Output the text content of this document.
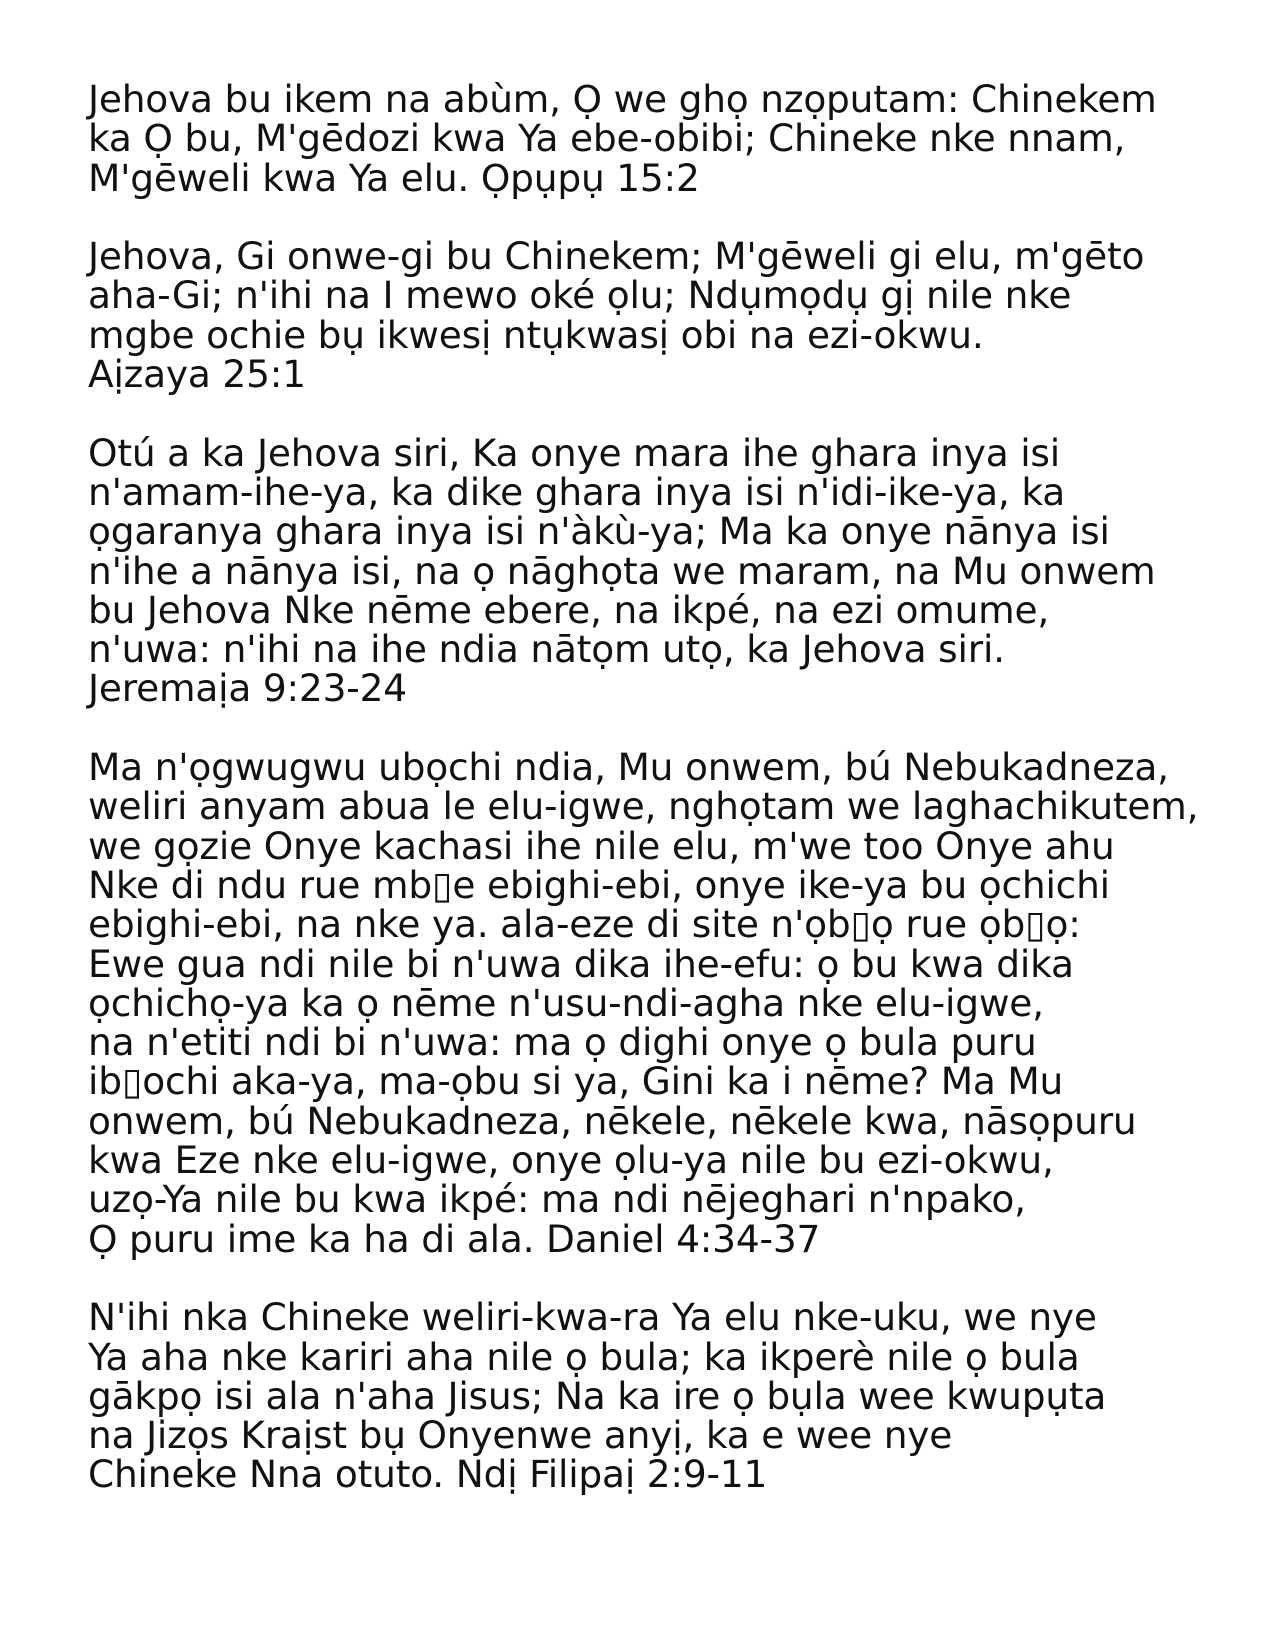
Jehova bu ikem na abùm, Ọ we ghọ nzọputam: Chinekem
ka Ọ bu, M'gēdozi kwa Ya ebe-obibi; Chineke nke nnam,
M'gēweli kwa Ya elu. Ọpụpụ 15:2
Jehova, Gi onwe-gi bu Chinekem; M'gēweli gi elu, m'gēto
aha-Gi; n'ihi na I mewo oké ọlu; Ndụmọdụ gị nile nke
mgbe ochie bụ ikwesị ntụkwasị obi na ezi-okwu.
Aịzaya 25:1
Otú a ka Jehova siri, Ka onye mara ihe ghara inya isi
n'amam-ihe-ya, ka dike ghara inya isi n'idi-ike-ya, ka
ọgaranya ghara inya isi n'àkù-ya; Ma ka onye nānya isi
n'ihe a nānya isi, na ọ nāghọta we maram, na Mu onwem
bu Jehova Nke nēme ebere, na ikpé, na ezi omume,
n'uwa: n'ihi na ihe ndia nātọm utọ, ka Jehova siri.
Jeremaịa 9:23-24
Ma n'ọgwugwu ubọchi ndia, Mu onwem, bú Nebukadneza,
weliri anyam abua le elu-igwe, nghọtam we laghachikutem,
we gọzie Onye kachasi ihe nile elu, m'we too Onye ahu
Nke di ndu rue mb▯e ebighi-ebi, onye ike-ya bu ọchichi
ebighi-ebi, na nke ya. ala-eze di site n'ọb▯ọ rue ọb▯ọ:
Ewe gua ndi nile bi n'uwa dika ihe-efu: ọ bu kwa dika
ọchichọ-ya ka ọ nēme n'usu-ndi-agha nke elu-igwe,
na n'etiti ndi bi n'uwa: ma ọ dighi onye ọ bula puru
ib▯ochi aka-ya, ma-ọbu si ya, Gini ka i nēme? Ma Mu
onwem, bú Nebukadneza, nēkele, nēkele kwa, nāsọpuru
kwa Eze nke elu-igwe, onye ọlu-ya nile bu ezi-okwu,
uzọ-Ya nile bu kwa ikpé: ma ndi nējeghari n'npako,
Ọ puru ime ka ha di ala. Daniel 4:34-37
N'ihi nka Chineke weliri-kwa-ra Ya elu nke-uku, we nye
Ya aha nke kariri aha nile ọ bula; ka ikperè nile ọ bula
gākpọ isi ala n'aha Jisus; Na ka ire ọ bụla wee kwupụta
na Jizọs Kraịst bụ Onyenwe anyị, ka e wee nye
Chineke Nna otuto. Ndị Filipaị 2:9-11
